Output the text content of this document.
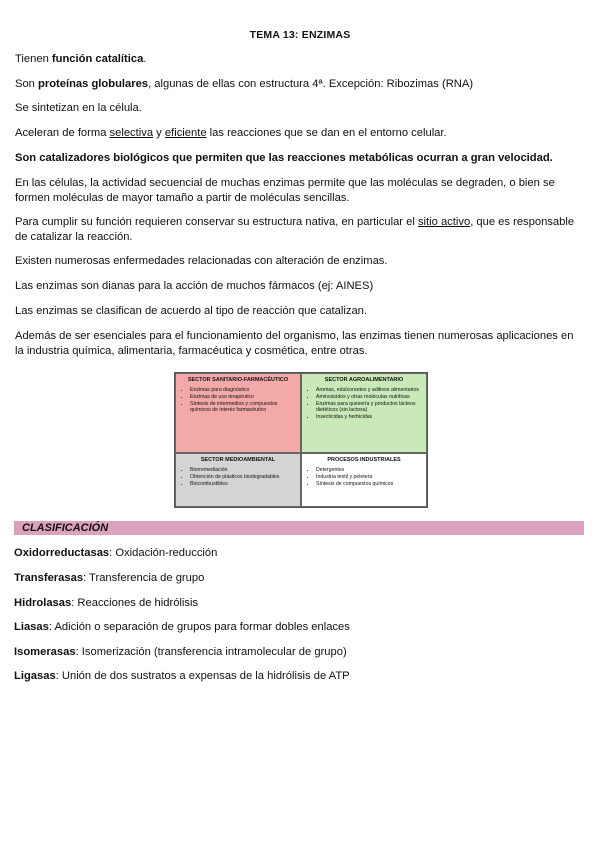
TEMA 13: ENZIMAS
Tienen función catalítica.
Son proteínas globulares, algunas de ellas con estructura 4ª. Excepción: Ribozimas (RNA)
Se sintetizan en la célula.
Aceleran de forma selectiva y eficiente las reacciones que se dan en el entorno celular.
Son catalizadores biológicos que permiten que las reacciones metabólicas ocurran a gran velocidad.
En las células, la actividad secuencial de muchas enzimas permite que las moléculas se degraden, o bien se formen moléculas de mayor tamaño a partir de moléculas sencillas.
Para cumplir su función requieren conservar su estructura nativa, en particular el sitio activo, que es responsable de catalizar la reacción.
Existen numerosas enfermedades relacionadas con alteración de enzimas.
Las enzimas son dianas para la acción de muchos fármacos (ej: AINES)
Las enzimas se clasifican de acuerdo al tipo de reacción que catalizan.
Además de ser esenciales para el funcionamiento del organismo, las enzimas tienen numerosas aplicaciones en la industria química, alimentaria, farmacéutica y cosmética, entre otras.
SECTOR SANITARIO-FARMACÉUTICO
• Enzimas para diagnóstico
• Enzimas de uso terapéutico
• Síntesis de intermedios y compuestos químicos de interés farmacéutico
SECTOR AGROALIMENTARIO
• Aromas, edulcorantes y aditivos alimentarios
• Aminoácidos y otras moléculas nutritivas
• Enzimas para quesería y productos lácteos dietéticos (sin lactosa)
• Insecticidas y herbicidas
SECTOR MEDIOAMBIENTAL
• Biorremediación
• Obtención de plásticos biodegradables
• Biocombustibles
PROCESOS INDUSTRIALES
• Detergentes
• Industria textil y peletera
• Síntesis de compuestos químicos
CLASIFICACIÓN
Oxidorreductasas: Oxidación-reducción
Transferasas: Transferencia de grupo
Hidrolasas: Reacciones de hidrólisis
Liasas: Adición o separación de grupos para formar dobles enlaces
Isomerasas: Isomerización (transferencia intramolecular de grupo)
Ligasas: Unión de dos sustratos a expensas de la hidrólisis de ATP
